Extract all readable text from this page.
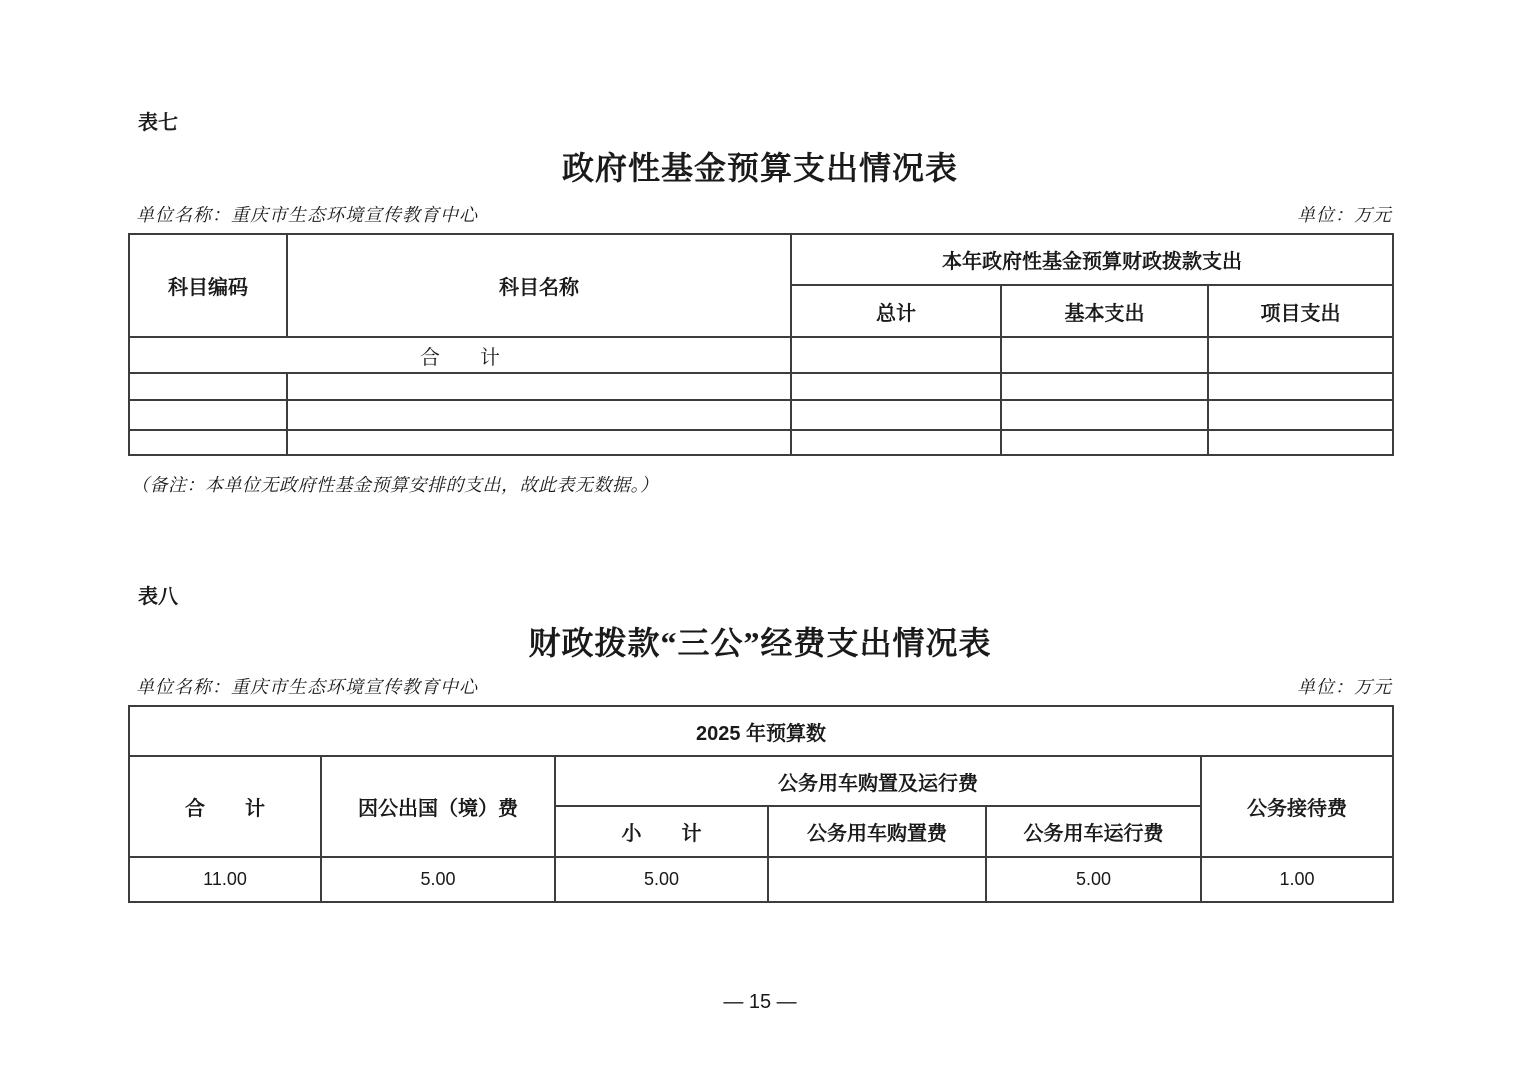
表七
政府性基金预算支出情况表
单位名称：重庆市生态环境宣传教育中心	单位：万元
科目编码	科目名称	本年政府性基金预算财政拨款支出		
		总计	基本支出	项目支出
合　　计				

（备注：本单位无政府性基金预算安排的支出，故此表无数据。）
表八
财政拨款“三公”经费支出情况表
单位名称：重庆市生态环境宣传教育中心	单位：万元
2025 年预算数					
合　　计	因公出国（境）费	公务用车购置及运行费			公务接待费
		小　　计	公务用车购置费	公务用车运行费	
11.00	5.00	5.00		5.00	1.00
— 15 —
